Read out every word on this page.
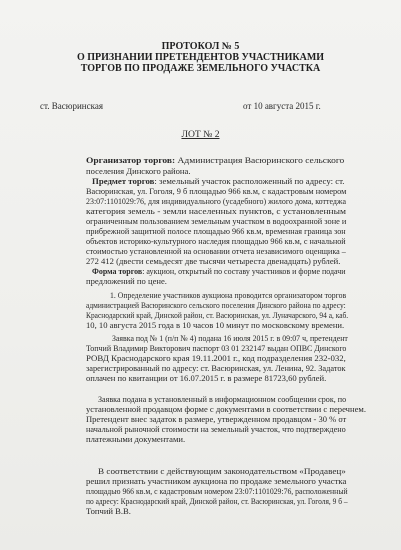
ПРОТОКОЛ № 5
О ПРИЗНАНИИ ПРЕТЕНДЕНТОВ УЧАСТНИКАМИ
ТОРГОВ ПО ПРОДАЖЕ ЗЕМЕЛЬНОГО УЧАСТКА
ст. Васюринская	от 10 августа 2015 г.
ЛОТ № 2
Организатор торгов: Администрация Васюринского сельского
поселения Динского района.
Предмет торгов: земельный участок расположенный по адресу: ст.
Васюринская, ул. Гоголя, 9 б площадью 966 кв.м, с кадастровым номером
23:07:1101029:76, для индивидуального (усадебного) жилого дома, коттеджа
категория земель - земли населенных пунктов, с установленным
ограниченным пользованием земельным участком в водоохранной зоне и
прибрежной защитной полосе площадью 966 кв.м, временная граница зон
объектов историко-культурного наследия площадью 966 кв.м, с начальной
стоимостью установленной на основании отчета независимого оценщика –
272 412 (двести семьдесят две тысячи четыреста двенадцать) рублей.
Форма торгов: аукцион, открытый по составу участников и форме подачи
предложений по цене.
1. Определение участников аукциона проводится организатором торгов
администрацией Васюринского сельского поселения Динского района по адресу:
Краснодарский край, Динской район, ст. Васюринская, ул. Луначарского, 94 а, каб.
10, 10 августа 2015 года в 10 часов 10 минут по московскому времени.
Заявка под № 1 (п/п № 4) подана 16 июля 2015 г. в 09:07 ч, претендент
Топчий Владимир Викторович паспорт 03 01 232147 выдан ОПВС Динского
РОВД Краснодарского края 19.11.2001 г., код подразделения 232-032,
зарегистрированный по адресу: ст. Васюринская, ул. Ленина, 92. Задаток
оплачен по квитанции от 16.07.2015 г. в размере 81723,60 рублей.
Заявка подана в установленный в информационном сообщении срок, по
установленной продавцом форме с документами в соответствии с перечнем.
Претендент внес задаток в размере, утвержденном продавцом - 30 % от
начальной рыночной стоимости на земельный участок, что подтверждено
платежными документами.
В соответствии с действующим законодательством «Продавец»
решил признать участником аукциона по продаже земельного участка
площадью 966 кв.м, с кадастровым номером 23:07:1101029:76, расположенный
по адресу: Краснодарский край, Динской район, ст. Васюринская, ул. Гоголя, 9 б –
Топчий В.В.
